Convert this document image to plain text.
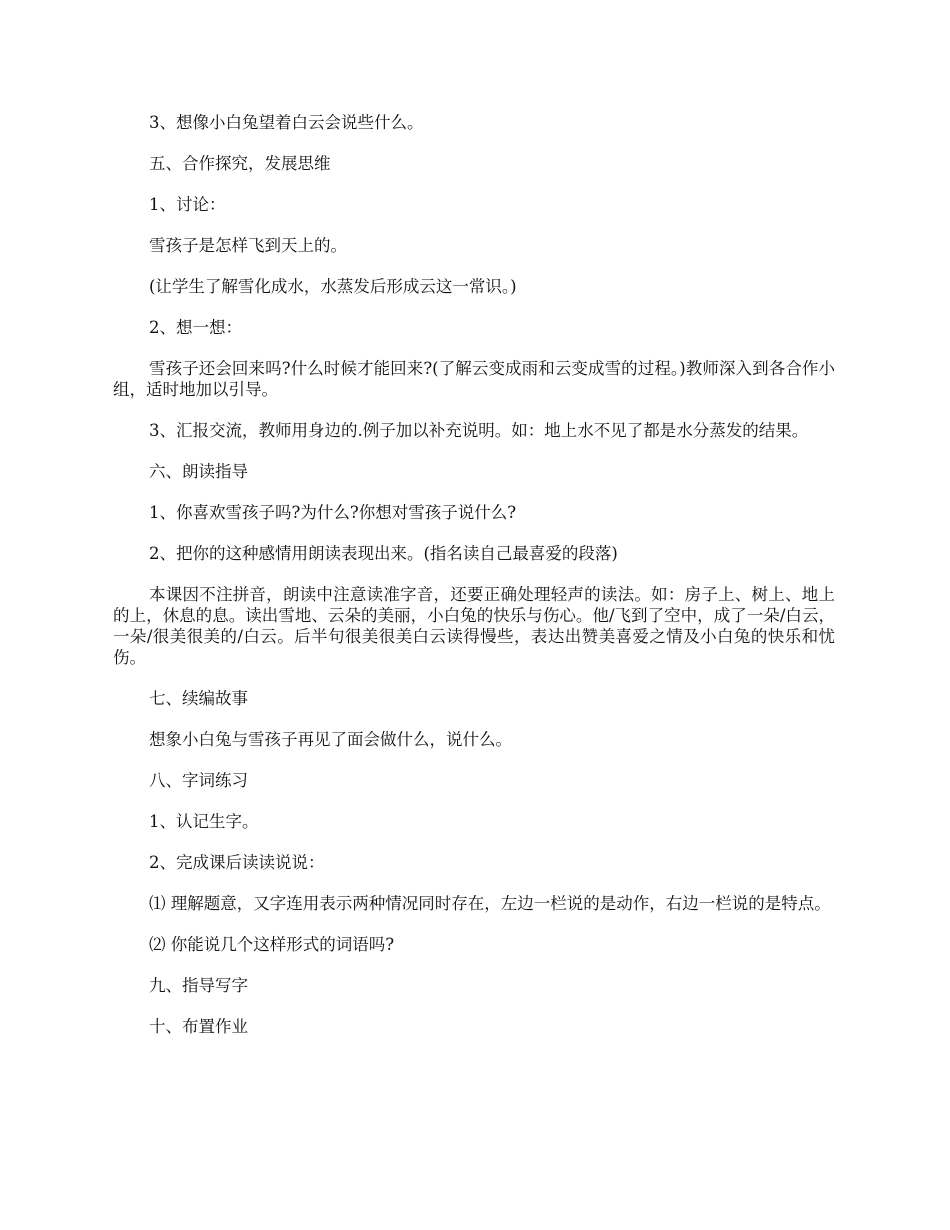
3、想像小白兔望着白云会说些什么。

五、合作探究，发展思维

1、讨论：

雪孩子是怎样飞到天上的。

(让学生了解雪化成水，水蒸发后形成云这一常识。)

2、想一想：

雪孩子还会回来吗?什么时候才能回来?(了解云变成雨和云变成雪的过程。)教师深入到各合作小组，适时地加以引导。

3、汇报交流，教师用身边的.例子加以补充说明。如：地上水不见了都是水分蒸发的结果。

六、朗读指导

1、你喜欢雪孩子吗?为什么?你想对雪孩子说什么?

2、把你的这种感情用朗读表现出来。(指名读自己最喜爱的段落)

本课因不注拼音，朗读中注意读准字音，还要正确处理轻声的读法。如：房子上、树上、地上的上，休息的息。读出雪地、云朵的美丽，小白兔的快乐与伤心。他/飞到了空中，成了一朵/白云，一朵/很美很美的/白云。后半句很美很美白云读得慢些，表达出赞美喜爱之情及小白兔的快乐和忧伤。

七、续编故事

想象小白兔与雪孩子再见了面会做什么，说什么。

八、字词练习

1、认记生字。

2、完成课后读读说说：

⑴ 理解题意，又字连用表示两种情况同时存在，左边一栏说的是动作，右边一栏说的是特点。

⑵ 你能说几个这样形式的词语吗?

九、指导写字

十、布置作业
